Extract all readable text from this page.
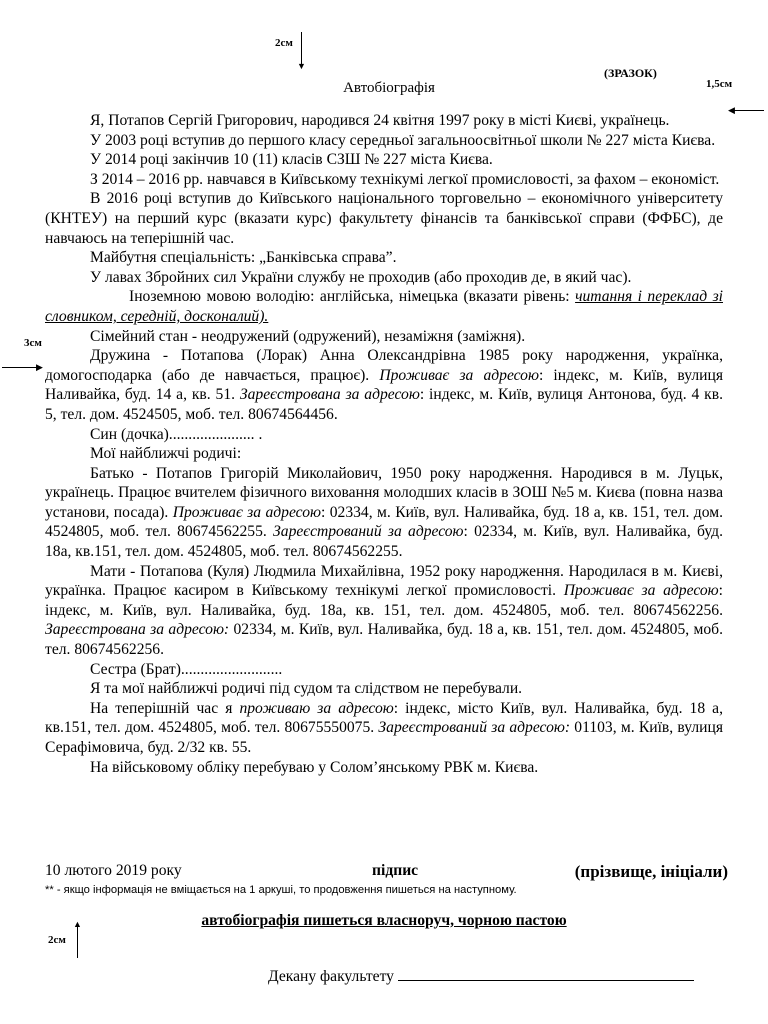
2см
▼	(ЗРАЗОК)
1,5см
◀
3см
▶
Автобіографія

Я, Потапов Сергій Григорович, народився 24 квітня 1997 року в місті Києві, українець.

У 2003 році вступив до першого класу середньої загальноосвітньої школи № 227 міста Києва.

У 2014 році закінчив 10 (11) класів СЗШ № 227 міста Києва.

З 2014 – 2016 рр. навчався в Київському технікумі легкої промисловості, за фахом – економіст.

В 2016 році вступив до Київського національного торговельно – економічного університету (КНТЕУ) на перший курс (вказати курс) факультету фінансів та банківської справи (ФФБС), де навчаюсь на теперішній час.

Майбутня спеціальність: „Банківська справа”.

У лавах Збройних сил України службу не проходив (або проходив де, в який час).

Іноземною мовою володію: англійська, німецька (вказати рівень: читання і переклад зі словником, середній, досконалий).

Сімейний стан - неодружений (одружений), незаміжня (заміжня).

Дружина - Потапова (Лорак) Анна Олександрівна 1985 року народження, українка, домогосподарка (або де навчається, працює). Проживає за адресою: індекс, м. Київ, вулиця Наливайка, буд. 14 а, кв. 51. Зареєстрована за адресою: індекс, м. Київ, вулиця Антонова, буд. 4 кв. 5, тел. дом. 4524505, моб. тел. 80674564456.

Син (дочка)...................... .

Мої найближчі родичі:

Батько - Потапов Григорій Миколайович, 1950 року народження. Народився в м. Луцьк, українець. Працює вчителем фізичного виховання молодших класів в ЗОШ №5 м. Києва (повна назва установи, посада). Проживає за адресою: 02334, м. Київ, вул. Наливайка, буд. 18 а, кв. 151, тел. дом. 4524805, моб. тел. 80674562255. Зареєстрований за адресою: 02334, м. Київ, вул. Наливайка, буд. 18а, кв.151, тел. дом. 4524805, моб. тел. 80674562255.

Мати - Потапова (Куля) Людмила Михайлівна, 1952 року народження. Народилася в м. Києві, українка. Працює касиром в Київському технікумі легкої промисловості. Проживає за адресою: індекс, м. Київ, вул. Наливайка, буд. 18а, кв. 151, тел. дом. 4524805, моб. тел. 80674562256. Зареєстрована за адресою: 02334, м. Київ, вул. Наливайка, буд. 18 а, кв. 151, тел. дом. 4524805, моб. тел. 80674562256.

Сестра (Брат)..........................

Я та мої найближчі родичі під судом та слідством не перебували.

На теперішній час я проживаю за адресою: індекс, місто Київ, вул. Наливайка, буд. 18 а, кв.151, тел. дом. 4524805, моб. тел. 80675550075. Зареєстрований за адресою: 01103, м. Київ, вулиця Серафімовича, буд. 2/32 кв. 55.

На військовому обліку перебуваю у Солом’янському РВК м. Києва.

10 лютого 2019 року	підпис	(прізвище, ініціали)
** - якщо інформація не вміщається на 1 аркуші, то продовження пишеться на наступному.
автобіографія пишеться власноруч, чорною пастою
2см
▲
Декану факультету
